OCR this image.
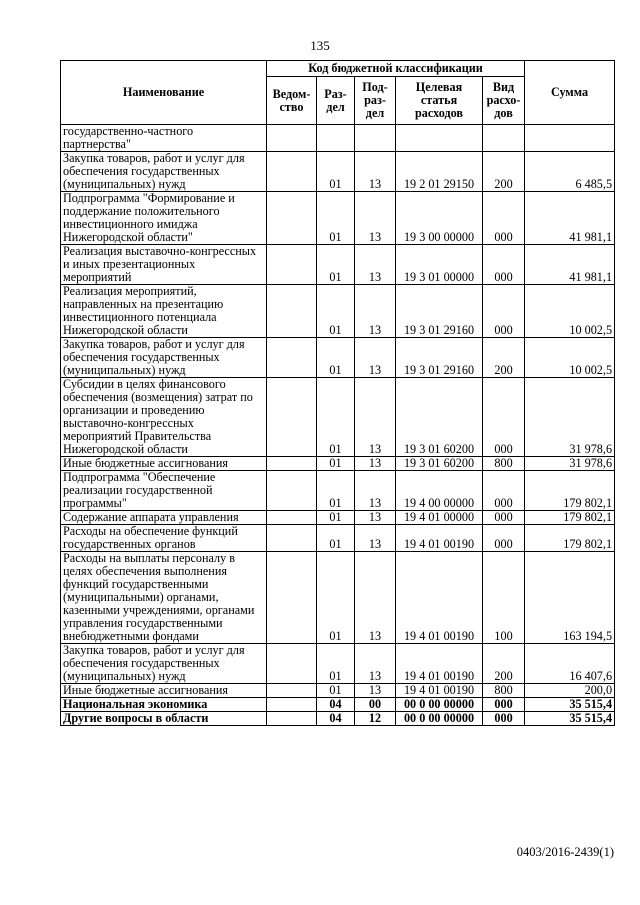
135
Наименование	Код бюджетной классификации					Сумма
	Ведом-ство	Раз-дел	Под-раз-дел	Целевая статья расходов	Вид расхо-дов	
государственно-частного партнерства"						
Закупка товаров, работ и услуг для обеспечения государственных (муниципальных) нужд		01	13	19 2 01 29150	200	6 485,5
Подпрограмма "Формирование и поддержание положительного инвестиционного имиджа Нижегородской области"		01	13	19 3 00 00000	000	41 981,1
Реализация выставочно-конгрессных и иных презентационных мероприятий		01	13	19 3 01 00000	000	41 981,1
Реализация мероприятий, направленных на презентацию инвестиционного потенциала Нижегородской области		01	13	19 3 01 29160	000	10 002,5
Закупка товаров, работ и услуг для обеспечения государственных (муниципальных) нужд		01	13	19 3 01 29160	200	10 002,5
Субсидии в целях финансового обеспечения (возмещения) затрат по организации и проведению выставочно-конгрессных мероприятий Правительства Нижегородской области		01	13	19 3 01 60200	000	31 978,6
Иные бюджетные ассигнования		01	13	19 3 01 60200	800	31 978,6
Подпрограмма "Обеспечение реализации государственной программы"		01	13	19 4 00 00000	000	179 802,1
Содержание аппарата управления		01	13	19 4 01 00000	000	179 802,1
Расходы на обеспечение функций государственных органов		01	13	19 4 01 00190	000	179 802,1
Расходы на выплаты персоналу в целях обеспечения выполнения функций государственными (муниципальными) органами, казенными учреждениями, органами управления государственными внебюджетными фондами		01	13	19 4 01 00190	100	163 194,5
Закупка товаров, работ и услуг для обеспечения государственных (муниципальных) нужд		01	13	19 4 01 00190	200	16 407,6
Иные бюджетные ассигнования		01	13	19 4 01 00190	800	200,0
Национальная экономика		04	00	00 0 00 00000	000	35 515,4
Другие вопросы в области		04	12	00 0 00 00000	000	35 515,4
0403/2016-2439(1)
